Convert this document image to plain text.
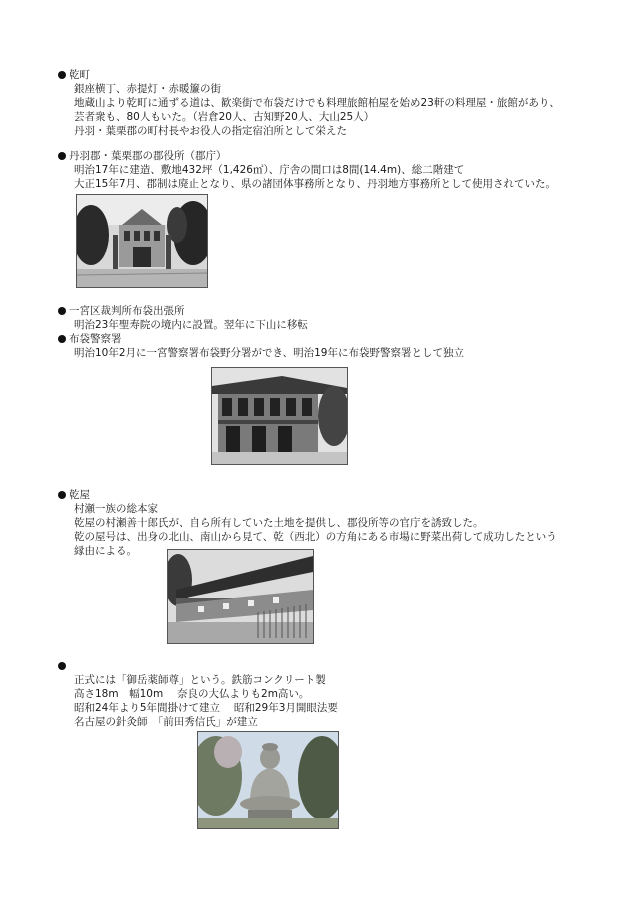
乾町
銀座横丁、赤提灯・赤暖簾の街
地蔵山より乾町に通ずる道は、歓楽街で布袋だけでも料理旅館柏屋を始め23軒の料理屋・旅館があり、
芸者衆も、80人もいた。（岩倉20人、古知野20人、大山25人）
丹羽・葉栗郡の町村長やお役人の指定宿泊所として栄えた
丹羽郡・葉栗郡の郡役所（郡庁）
明治17年に建造、敷地432坪（1,426㎡）、庁舎の間口は8間(14.4m)、総二階建て
大正15年7月、郡制は廃止となり、県の諸団体事務所となり、丹羽地方事務所として使用されていた。
一宮区裁判所布袋出張所
明治23年聖寿院の境内に設置。翌年に下山に移転
布袋警察署
明治10年2月に一宮警察署布袋野分署ができ、明治19年に布袋野警察署として独立
乾屋
村瀬一族の総本家
乾屋の村瀬善十郎氏が、自ら所有していた土地を提供し、郡役所等の官庁を誘致した。
乾の屋号は、出身の北山、南山から見て、乾（西北）の方角にある市場に野菜出荷して成功したという
縁由による。
正式には「御岳薬師尊」という。鉄筋コンクリート製
高さ18m　幅10m　 奈良の大仏よりも2m高い。
昭和24年より5年間掛けて建立　 昭和29年3月開眼法要
名古屋の針灸師　「前田秀信氏」が建立
